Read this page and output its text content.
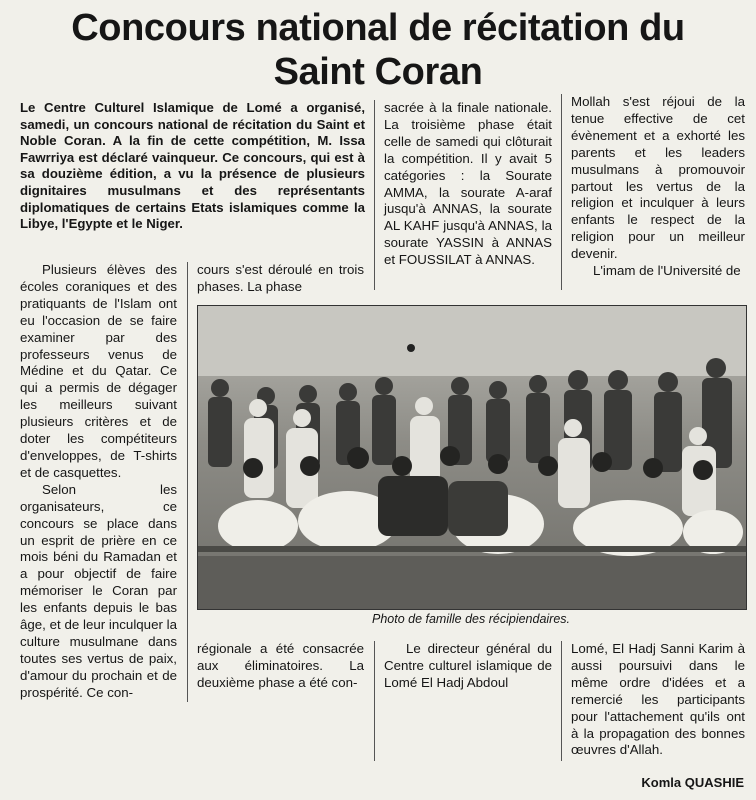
Concours national de récitation du
Saint Coran

Le Centre Culturel Islamique de Lomé a organisé, samedi, un concours national de récitation du Saint et Noble Coran. A la fin de cette compétition, M. Issa Fawrriya est déclaré vainqueur. Ce concours, qui est à sa douzième édition, a vu la présence de plusieurs dignitaires musulmans et des représentants diplomatiques de certains Etats islamiques comme la Libye, l'Egypte et le Niger.

Plusieurs élèves des écoles coraniques et des pratiquants de l'Islam ont eu l'occasion de se faire examiner par des professeurs venus de Médine et du Qatar. Ce qui a permis de dégager les meilleurs suivant plusieurs critères et de doter les compétiteurs d'enveloppes, de T-shirts et de casquettes.

Selon les organisateurs, ce concours se place dans un esprit de prière en ce mois béni du Ramadan et a pour objectif de faire mémoriser le Coran par les enfants depuis le bas âge, et de leur inculquer la culture musulmane dans toutes ses vertus de paix, d'amour du prochain et de prospérité. Ce con-

cours s'est déroulé en trois phases. La phase

régionale a été consacrée aux éliminatoires. La deuxième phase a été con-

sacrée à la finale nationale. La troisième phase était celle de samedi qui clôturait la compétition. Il y avait 5 catégories : la Sourate AMMA, la sourate A-araf jusqu'à ANNAS, la sourate AL KAHF jusqu'à ANNAS, la sourate YASSIN à ANNAS et FOUSSILAT à ANNAS.

Le directeur général du Centre culturel islamique de Lomé El Hadj Abdoul

Mollah s'est réjoui de la tenue effective de cet évènement et a exhorté les parents et les leaders musulmans à promouvoir partout les vertus de la religion et inculquer à leurs enfants le respect de la religion pour un meilleur devenir.

L'imam de l'Université de

Lomé, El Hadj Sanni Karim à aussi poursuivi dans le même ordre d'idées et a remercié les participants pour l'attachement qu'ils ont à la propagation des bonnes œuvres d'Allah.

Photo de famille des récipiendaires.
Komla QUASHIE
